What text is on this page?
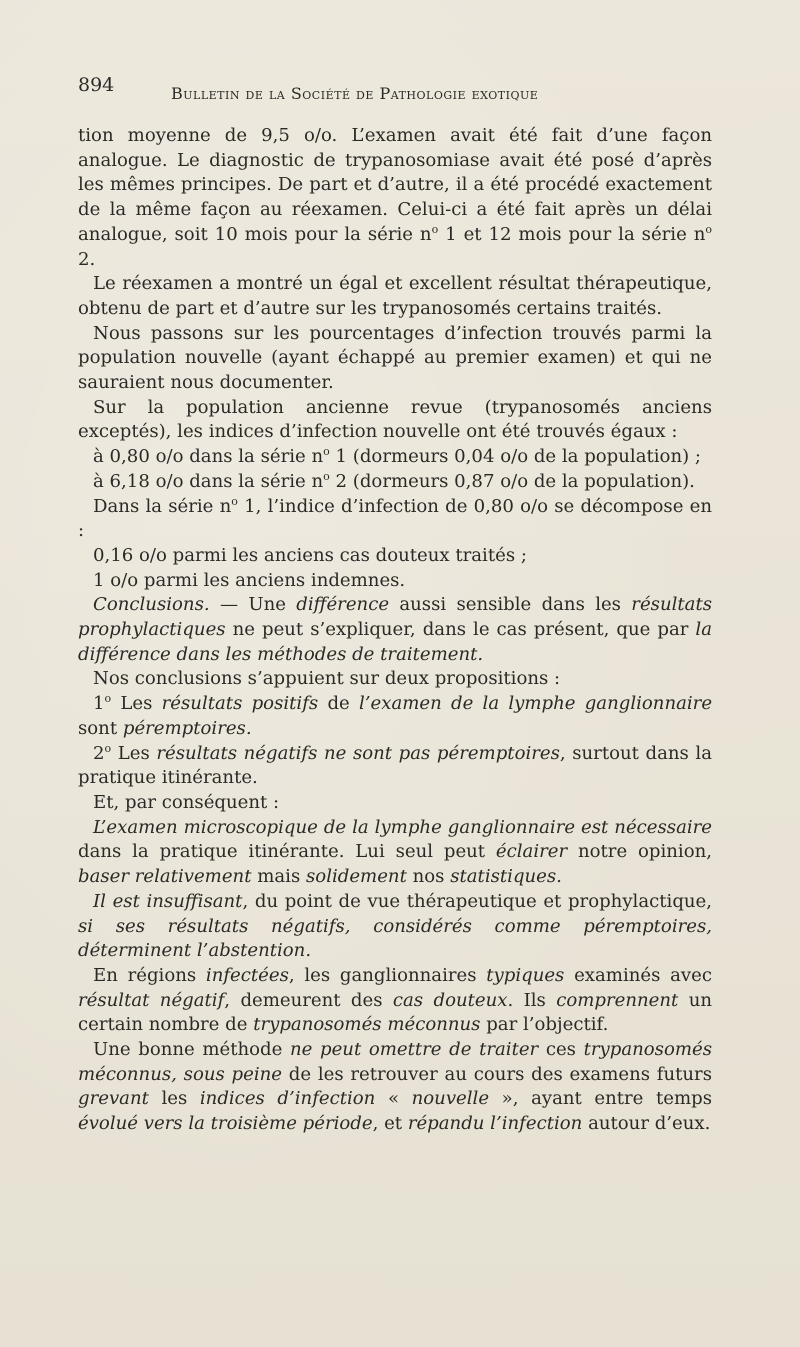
894	Bulletin de la Société de Pathologie exotique

tion moyenne de 9,5 o/o. L’examen avait été fait d’une façon analogue. Le diagnostic de trypanosomiase avait été posé d’après les mêmes principes. De part et d’autre, il a été procédé exactement de la même façon au réexamen. Celui-ci a été fait après un délai analogue, soit 10 mois pour la série $n^o$ 1 et 12 mois pour la série $n^o$ 2.

Le réexamen a montré un égal et excellent résultat thérapeutique, obtenu de part et d’autre sur les trypanosomés certains traités.

Nous passons sur les pourcentages d’infection trouvés parmi la population nouvelle (ayant échappé au premier examen) et qui ne sauraient nous documenter.

Sur la population ancienne revue (trypanosomés anciens exceptés), les indices d’infection nouvelle ont été trouvés égaux :

à 0,80 o/o dans la série $n^o$ 1 (dormeurs 0,04 o/o de la population) ;

à 6,18 o/o dans la série $n^o$ 2 (dormeurs 0,87 o/o de la population).

Dans la série $n^o$ 1, l’indice d’infection de 0,80 o/o se décompose en :

0,16 o/o parmi les anciens cas douteux traités ;

1 o/o parmi les anciens indemnes.

Conclusions. — Une différence aussi sensible dans les résultats prophylactiques ne peut s’expliquer, dans le cas présent, que par la différence dans les méthodes de traitement.

Nos conclusions s’appuient sur deux propositions :

1$^o$ Les résultats positifs de l’examen de la lymphe ganglionnaire sont péremptoires.

2$^o$ Les résultats négatifs ne sont pas péremptoires, surtout dans la pratique itinérante.

Et, par conséquent :

L’examen microscopique de la lymphe ganglionnaire est nécessaire dans la pratique itinérante. Lui seul peut éclairer notre opinion, baser relativement mais solidement nos statistiques.

Il est insuffisant, du point de vue thérapeutique et prophylactique, si ses résultats négatifs, considérés comme péremptoires, déterminent l’abstention.

En régions infectées, les ganglionnaires typiques examinés avec résultat négatif, demeurent des cas douteux. Ils comprennent un certain nombre de trypanosomés méconnus par l’objectif.

Une bonne méthode ne peut omettre de traiter ces trypanosomés méconnus, sous peine de les retrouver au cours des examens futurs grevant les indices d’infection « nouvelle », ayant entre temps évolué vers la troisième période, et répandu l’infection autour d’eux.
